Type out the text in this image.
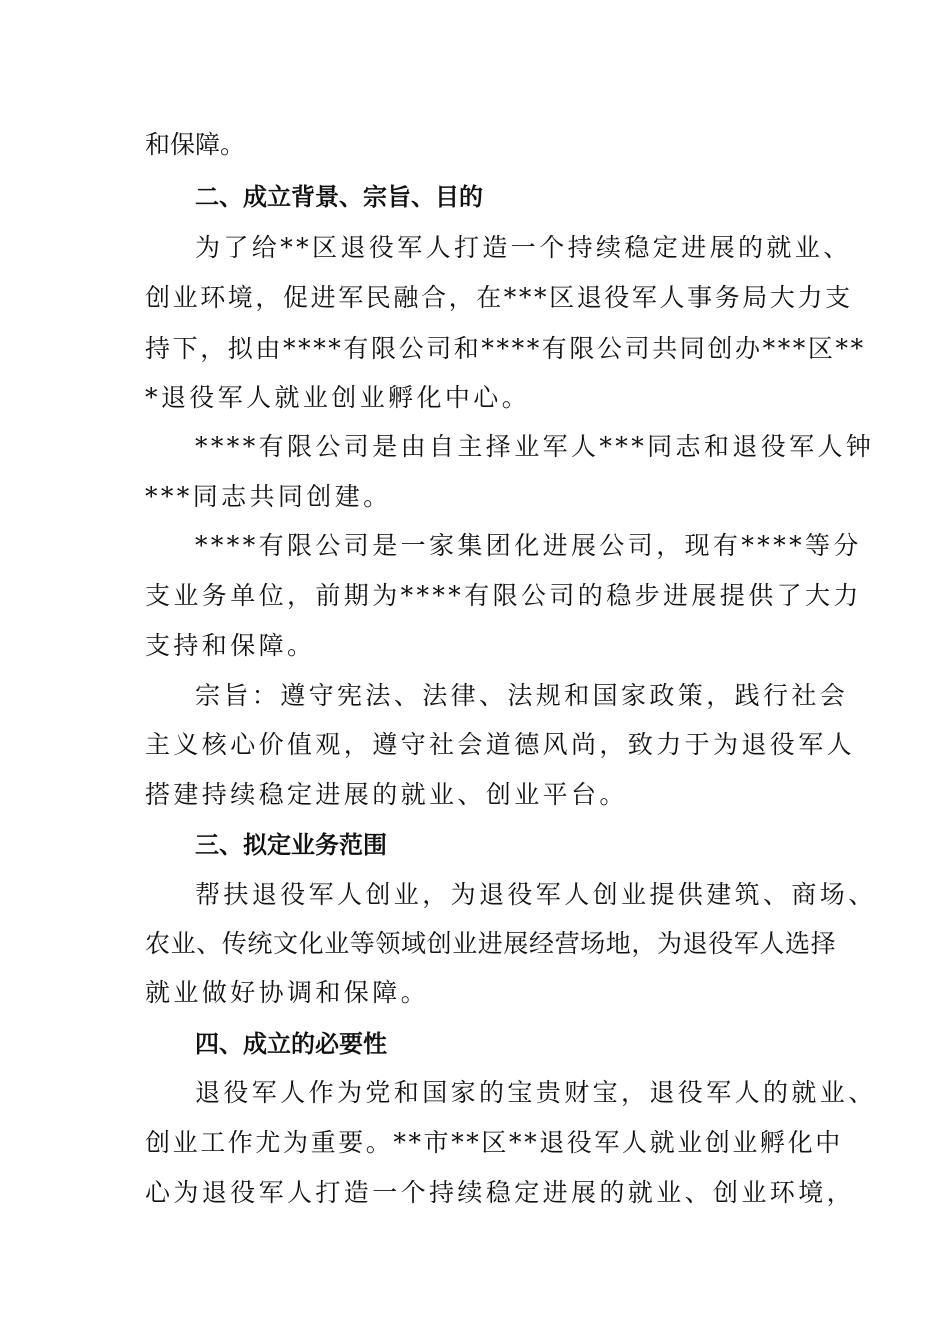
和保障。
二、成立背景、宗旨、目的
为了给**区退役军人打造一个持续稳定进展的就业、
创业环境，促进军民融合，在***区退役军人事务局大力支
持下，拟由****有限公司和****有限公司共同创办***区**
*退役军人就业创业孵化中心。
****有限公司是由自主择业军人***同志和退役军人钟
***同志共同创建。
****有限公司是一家集团化进展公司，现有****等分
支业务单位，前期为****有限公司的稳步进展提供了大力
支持和保障。
宗旨：遵守宪法、法律、法规和国家政策，践行社会
主义核心价值观，遵守社会道德风尚，致力于为退役军人
搭建持续稳定进展的就业、创业平台。
三、拟定业务范围
帮扶退役军人创业，为退役军人创业提供建筑、商场、
农业、传统文化业等领域创业进展经营场地，为退役军人选择
就业做好协调和保障。
四、成立的必要性
退役军人作为党和国家的宝贵财宝，退役军人的就业、
创业工作尤为重要。**市**区**退役军人就业创业孵化中
心为退役军人打造一个持续稳定进展的就业、创业环境，
